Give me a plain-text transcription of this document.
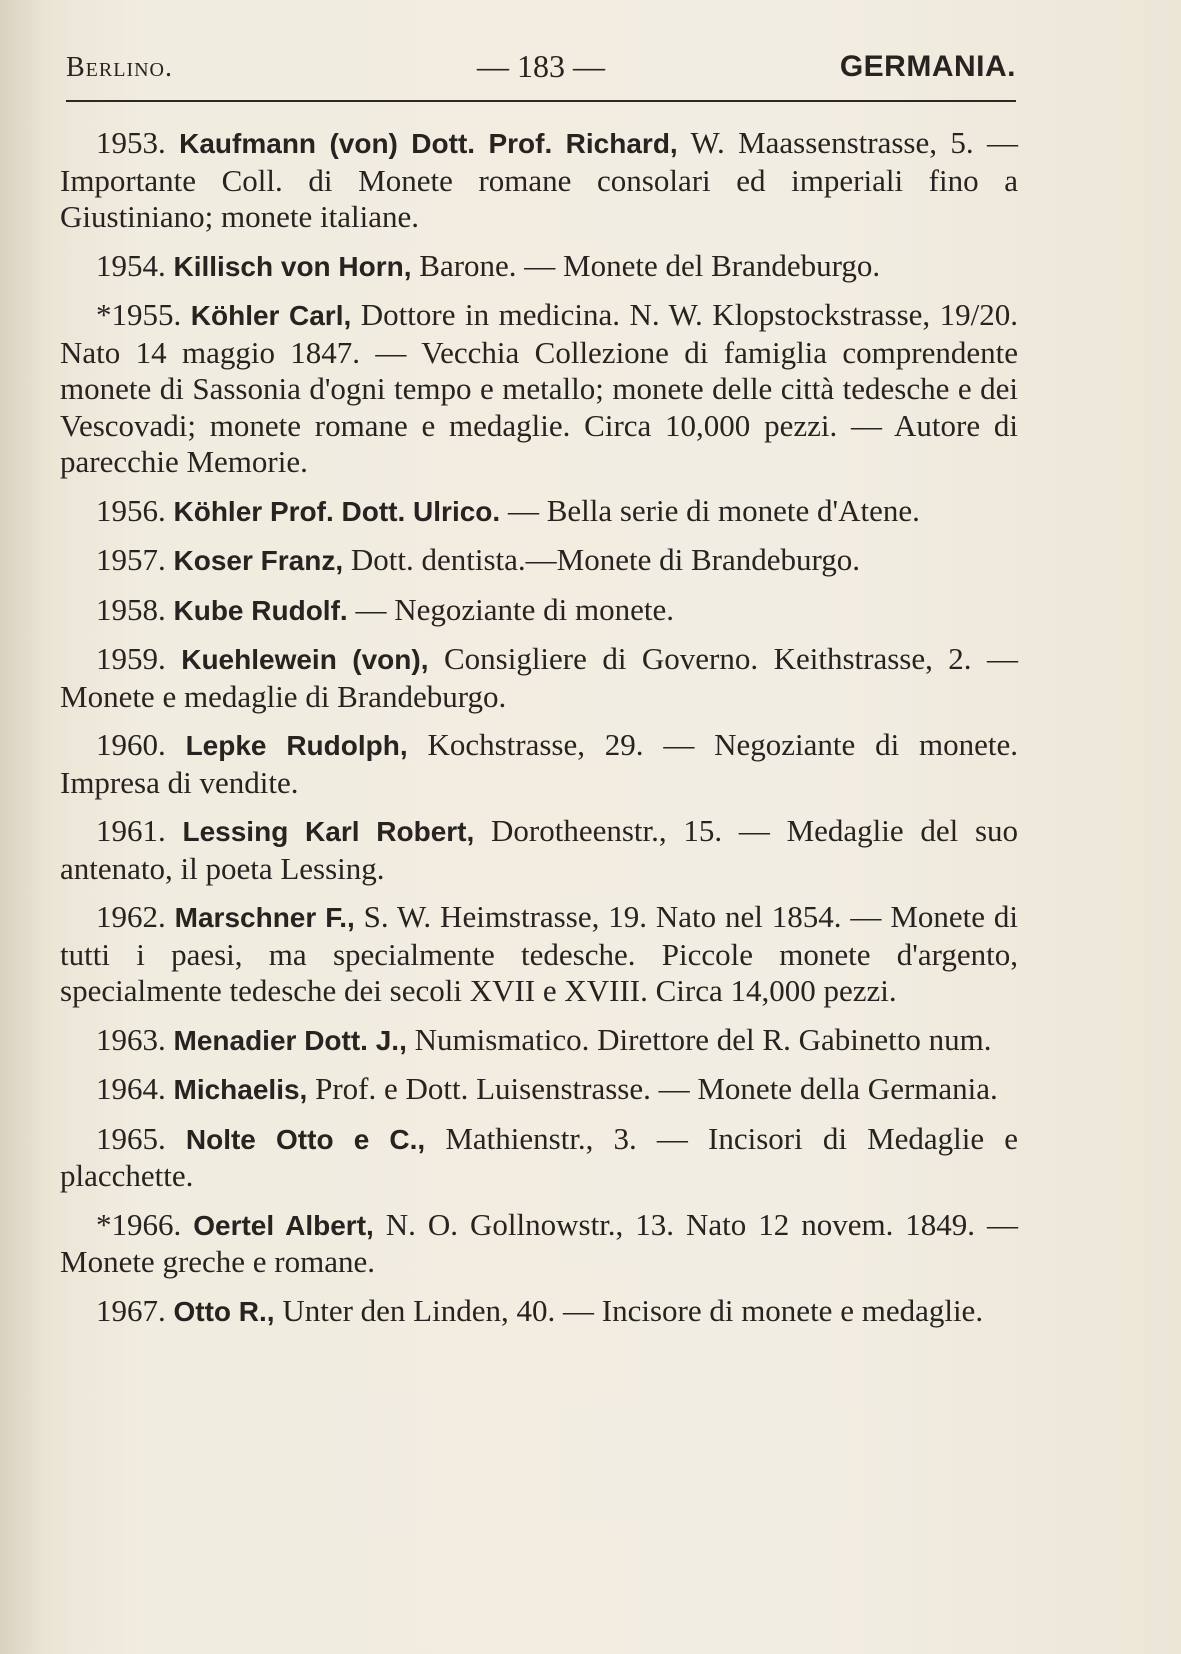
Berlino.	— 183 —	GERMANIA.

1953. Kaufmann (von) Dott. Prof. Richard, W. Maassenstrasse, 5. — Importante Coll. di Monete romane consolari ed imperiali fino a Giustiniano; monete italiane.

1954. Killisch von Horn, Barone. — Monete del Brandeburgo.

*1955. Köhler Carl, Dottore in medicina. N. W. Klopstockstrasse, 19/20. Nato 14 maggio 1847. — Vecchia Collezione di famiglia comprendente monete di Sassonia d'ogni tempo e metallo; monete delle città tedesche e dei Vescovadi; monete romane e medaglie. Circa 10,000 pezzi. — Autore di parecchie Memorie.

1956. Köhler Prof. Dott. Ulrico. — Bella serie di monete d'Atene.

1957. Koser Franz, Dott. dentista.—Monete di Brandeburgo.

1958. Kube Rudolf. — Negoziante di monete.

1959. Kuehlewein (von), Consigliere di Governo. Keithstrasse, 2. — Monete e medaglie di Brandeburgo.

1960. Lepke Rudolph, Kochstrasse, 29. — Negoziante di monete. Impresa di vendite.

1961. Lessing Karl Robert, Dorotheenstr., 15. — Medaglie del suo antenato, il poeta Lessing.

1962. Marschner F., S. W. Heimstrasse, 19. Nato nel 1854. — Monete di tutti i paesi, ma specialmente tedesche. Piccole monete d'argento, specialmente tedesche dei secoli XVII e XVIII. Circa 14,000 pezzi.

1963. Menadier Dott. J., Numismatico. Direttore del R. Gabinetto num.

1964. Michaelis, Prof. e Dott. Luisenstrasse. — Monete della Germania.

1965. Nolte Otto e C., Mathienstr., 3. — Incisori di Medaglie e placchette.

*1966. Oertel Albert, N. O. Gollnowstr., 13. Nato 12 novem. 1849. — Monete greche e romane.

1967. Otto R., Unter den Linden, 40. — Incisore di monete e medaglie.
